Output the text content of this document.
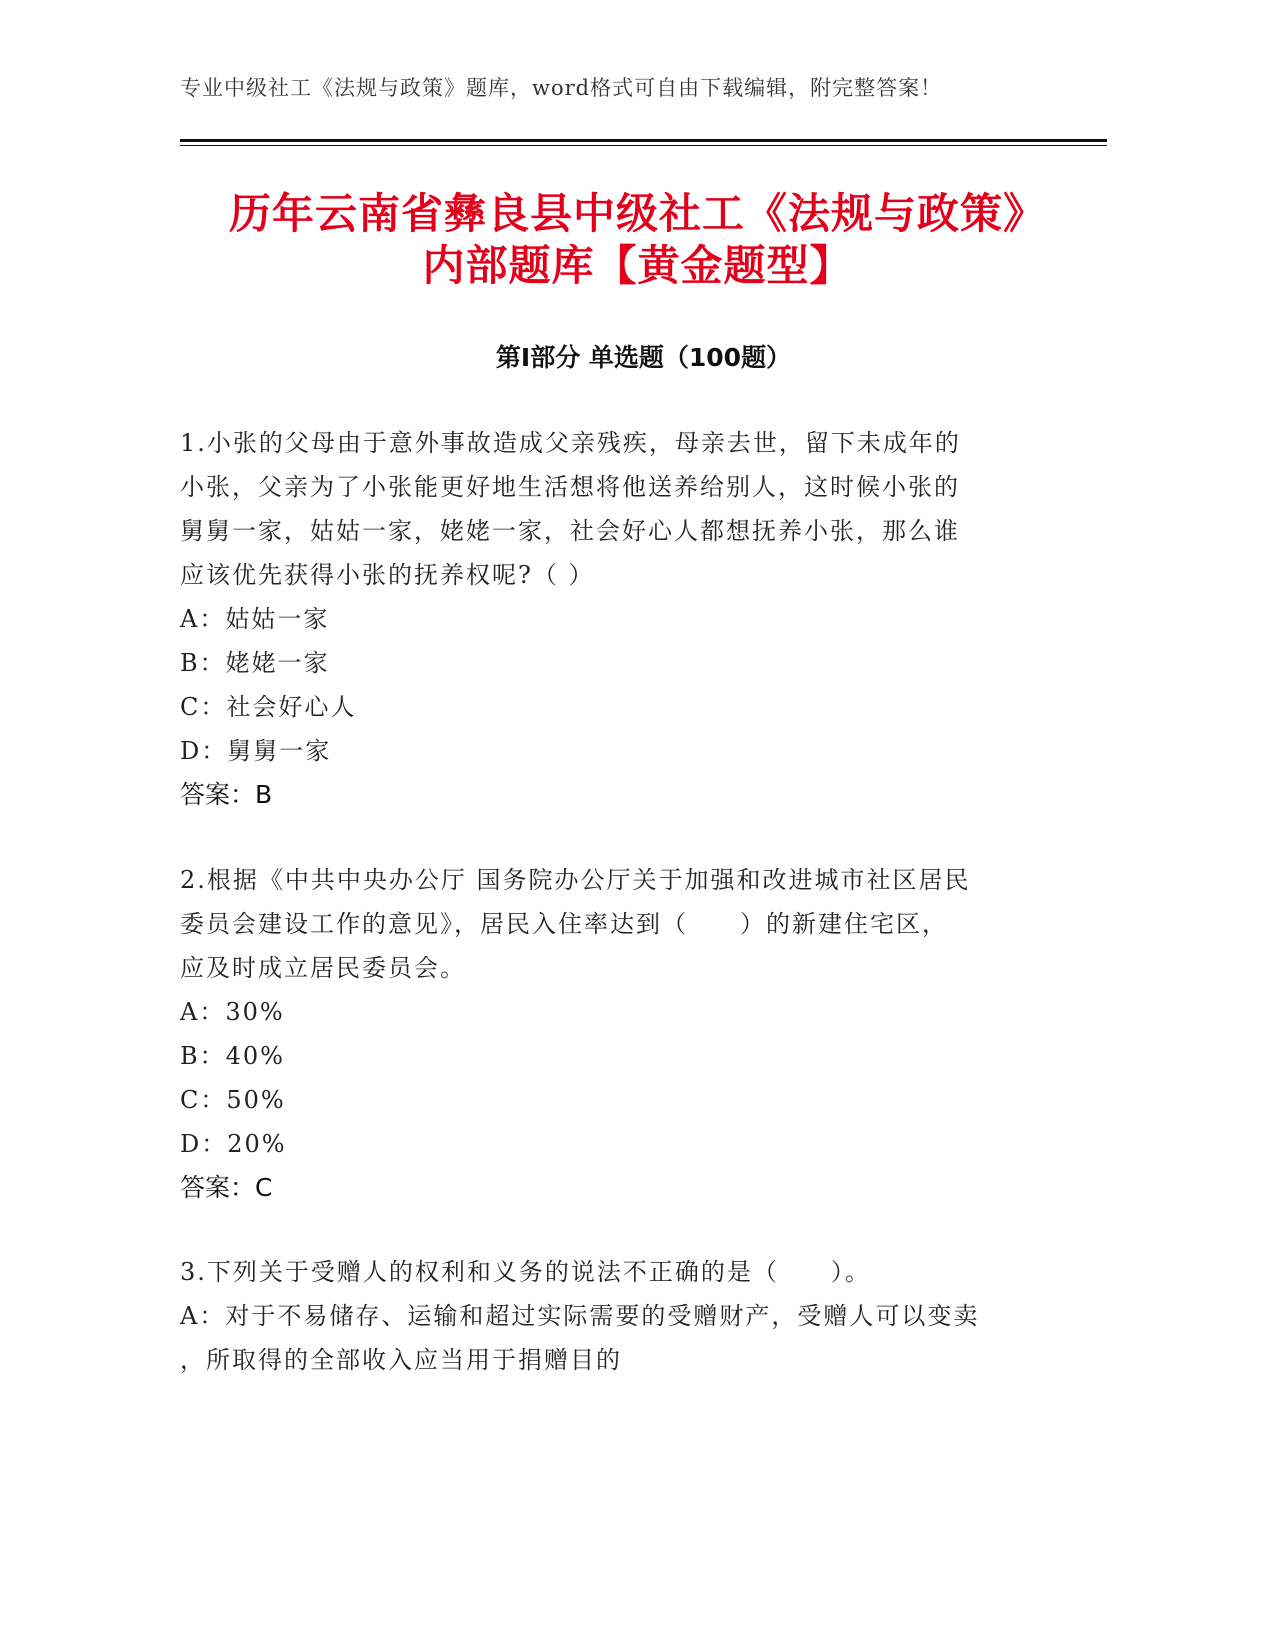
专业中级社工《法规与政策》题库，word格式可自由下载编辑，附完整答案！
历年云南省彝良县中级社工《法规与政策》
内部题库【黄金题型】
第Ⅰ部分 单选题（100题）

1.小张的父母由于意外事故造成父亲残疾，母亲去世，留下未成年的

小张，父亲为了小张能更好地生活想将他送养给别人，这时候小张的

舅舅一家，姑姑一家，姥姥一家，社会好心人都想抚养小张，那么谁

应该优先获得小张的抚养权呢?（ ）

A：姑姑一家

B：姥姥一家

C：社会好心人

D：舅舅一家

答案：B

2.根据《中共中央办公厅 国务院办公厅关于加强和改进城市社区居民

委员会建设工作的意见》，居民入住率达到（　　）的新建住宅区，

应及时成立居民委员会。

A：30%

B：40%

C：50%

D：20%

答案：C

3.下列关于受赠人的权利和义务的说法不正确的是（　　）。

A：对于不易储存、运输和超过实际需要的受赠财产，受赠人可以变卖

，所取得的全部收入应当用于捐赠目的
